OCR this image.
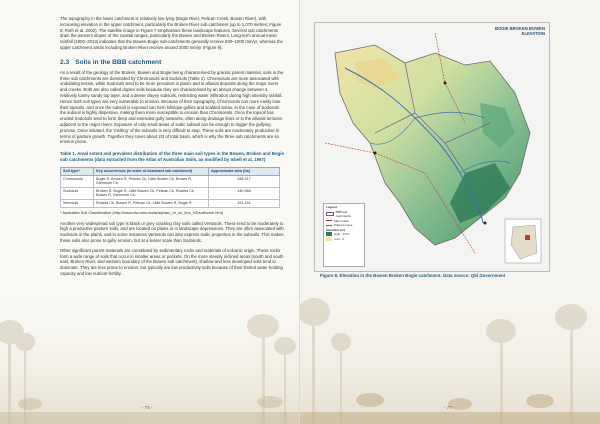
The topography in the lower catchment is relatively low lying (Bogie River, Pelican Creek, Bowen River), with increasing elevation in the upper catchment, particularly the Broken River sub catchment (up to 1,070 metres; Figure 8; Roth et al. 2002). The satellite image in Figure 7 emphasises these landscape features. Several sub catchments drain the western slopes of the coastal ranges, particularly the Bowen and Broken Rivers. Long-term annual mean rainfall (1900–2013) indicates that the Bowen-Bogie sub-catchments generally receive 600–1000 mm/yr, whereas the upper catchment areas including Broken River receive around 2000 mm/yr (Figure 9).

2.3 Soils in the BBB catchment

As a result of the geology of the Broken, Bowen and Bogie being characterised by granitic parent material, soils in the three sub catchments are dominated by Chromosols and Sodosols (Table 1). Chromosols are more associated with undulating terrain, while Sodosols tend to be more prevalent in plains and in alluvial deposits along the major rivers and creeks. Both are also called duplex soils because they are characterised by an abrupt change between a relatively loamy sandy top layer, and a dense clayey subsoils, restricting water infiltration during high intensity rainfall. Hence both soil types are very vulnerable to erosion. Because of their topography, Chromosols can more easily lose their topsoils, and once the subsoil is exposed can form hillslope gullies and scalded areas. In the case of Sodosols the subsoil is highly dispersive, making them more susceptible to erosion than Chromosols. Once the topsoil has eroded Sodosols tend to form deep and extended gully networks, often along drainage lines or in the alluvial terraces adjacent to the major rivers. Exposure of only small areas of sodic subsoil can be enough to trigger the gullying process. Once initiated, the 'melting' of the subsoils is very difficult to stop. These soils are moderately productive in terms of pasture growth. Together they cover about 2/3 of total basin, which is why the three sub catchments are so erosion prone.

Table 1. Areal extent and prevalent distribution of the three main soil types in the Bowen, Broken and Bogie sub catchments (data extracted from the Atlas of Australian Soils, as modified by Isbell et al, 1997)
Soil type*	Key occurrences (in order of dominant sub catchment)	Approximate area (ha)
Chromosols	Bogie R, Broken R, Pelican Ck, Little Bowen Ck, Bowen R, Glenmore Ck,	288,317
Sodosols	Broken R, Bogie R, Little Bowen Ck, Pelican Ck, Rosella Ck, Bowen R, Glenmore Ck,	140,968
Vertosols	Rosella Ck, Bowen R, Pelican Ck, Little Bowen R, Bogie R	151,431
* Australian Soil Classification (http://www.clw.csiro.au/aclep/asc_re_on_line_V2/soilhome.htm)

Another very widespread soil type is black or grey cracking clay soils called Vertosols. These tend to be moderately to high a productive pasture soils, and are located on plains or in landscape depressions. They are often associated with Sodosols in the plains, and in some instances Vertosols can also express sodic properties in the subsoils. This makes these soils also prone to gully erosion, but at a lesser scale than Sodosols.

Other significant parent materials are constituted by sedimentary rocks and materials of volcanic origin. These rocks form a wide range of soils that occur in smaller areas or pockets. On the more steeply inclined areas (south and south east, Broken River, and western boundary of the Bowen sub catchment), shallow and less developed soils tend to dominate. They are less prone to erosion, but typically are low productivity soils because of their limited water holding capacity and low nutrient fertility.

- 74 -
BOGIE BROKEN BOWEN
ELEVATION
Legend
BBB sub catchments
Main roads
Watercourses
Elevation (m)
High : 1070
Low : 0
Figure 8. Elevation in the Bowen Broken Bogie catchment. Data source: Qld Government
- 77 -
